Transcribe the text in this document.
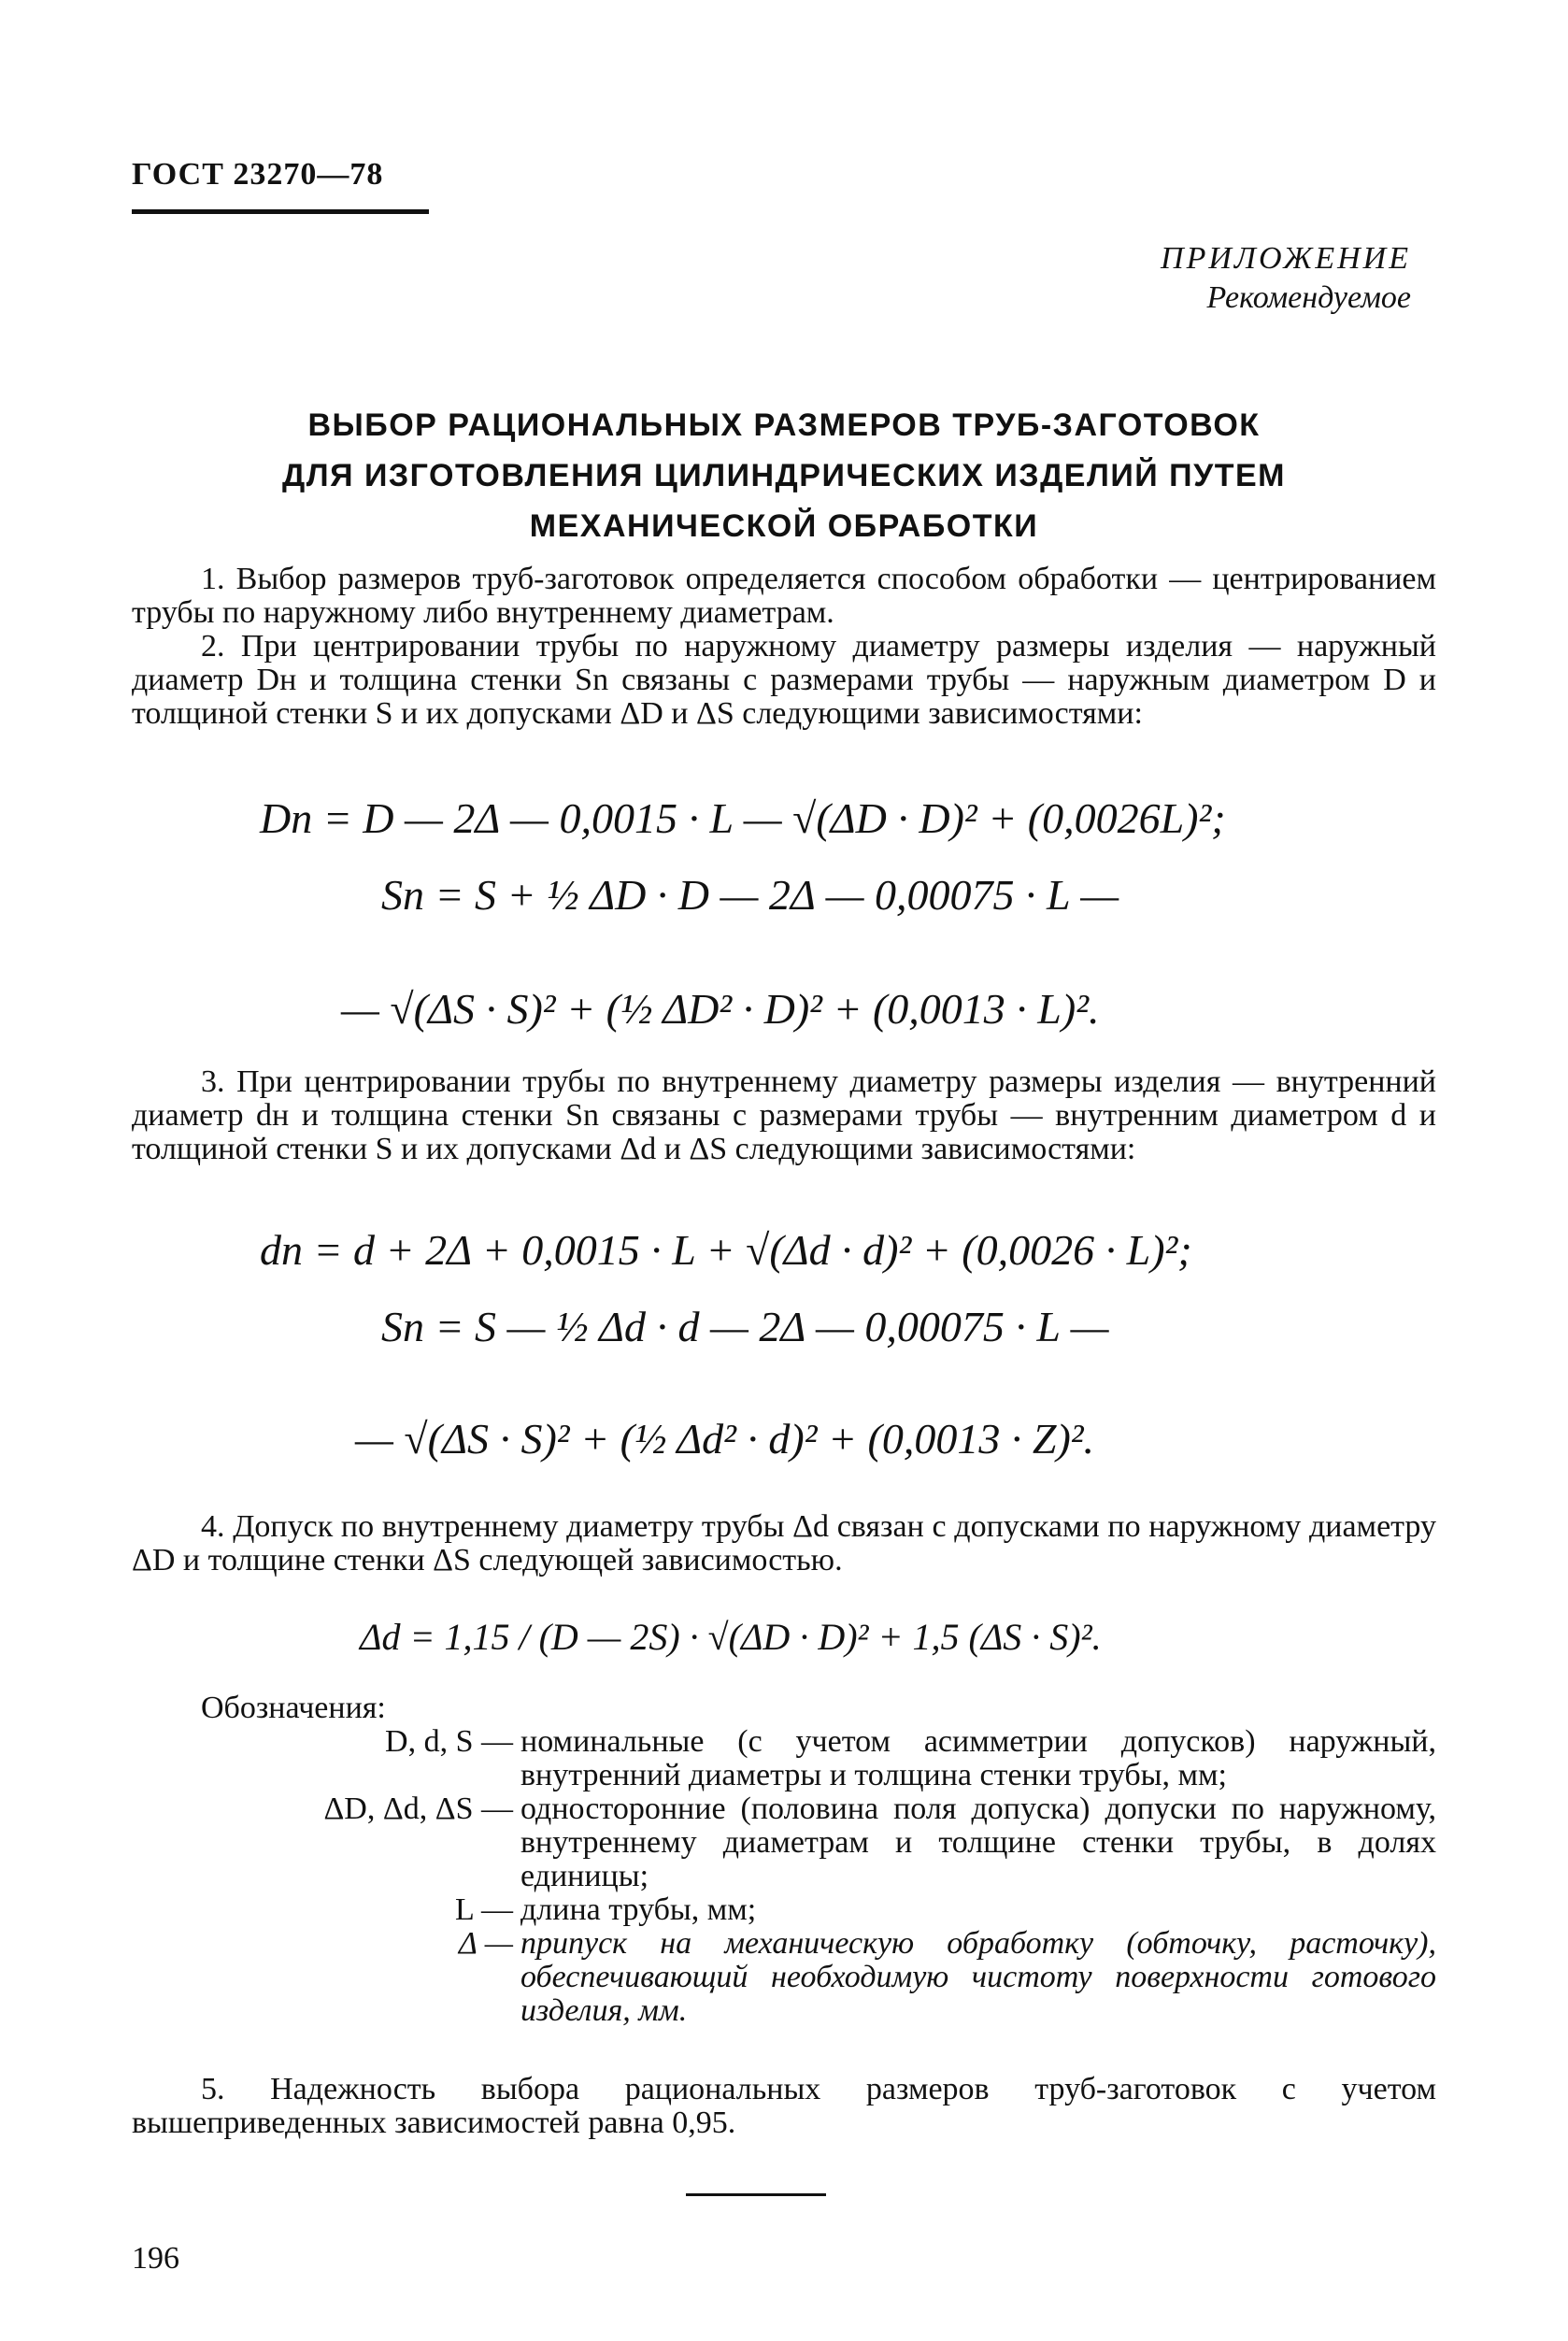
ГОСТ 23270—78
ПРИЛОЖЕНИЕ
Рекомендуемое
ВЫБОР РАЦИОНАЛЬНЫХ РАЗМЕРОВ ТРУБ-ЗАГОТОВОК
ДЛЯ ИЗГОТОВЛЕНИЯ ЦИЛИНДРИЧЕСКИХ ИЗДЕЛИЙ ПУТЕМ
МЕХАНИЧЕСКОЙ ОБРАБОТКИ

1. Выбор размеров труб-заготовок определяется способом обработки — центрированием трубы по наружному либо внутреннему диаметрам.

2. При центрировании трубы по наружному диаметру размеры изделия — наружный диаметр Dн и толщина стенки Sn связаны с размерами трубы — наружным диаметром D и толщиной стенки S и их допусками ΔD и ΔS следующими зависимостями:

Dn = D — 2Δ — 0,0015 · L — √(ΔD · D)² + (0,0026L)²;
Sn = S + ½ ΔD · D — 2Δ — 0,00075 · L —
— √(ΔS · S)² + (½ ΔD² · D)² + (0,0013 · L)².

3. При центрировании трубы по внутреннему диаметру размеры изделия — внутренний диаметр dн и толщина стенки Sn связаны с размерами трубы — внутренним диаметром d и толщиной стенки S и их допусками Δd и ΔS следующими зависимостями:

dn = d + 2Δ + 0,0015 · L + √(Δd · d)² + (0,0026 · L)²;
Sn = S — ½ Δd · d — 2Δ — 0,00075 · L —
— √(ΔS · S)² + (½ Δd² · d)² + (0,0013 · Z)².

4. Допуск по внутреннему диаметру трубы Δd связан с допусками по наружному диаметру ΔD и толщине стенки ΔS следующей зависимостью.

Δd = 1,15 / (D — 2S) · √(ΔD · D)² + 1,5 (ΔS · S)².
Обозначения:
D, d, S — номинальные (с учетом асимметрии допусков) наружный, внутренний диаметры и толщина стенки трубы, мм;
ΔD, Δd, ΔS — односторонние (половина поля допуска) допуски по наружному, внутреннему диаметрам и толщине стенки трубы, в долях единицы;
L — длина трубы, мм;
Δ — припуск на механическую обработку (обточку, расточку), обеспечивающий необходимую чистоту поверхности готового изделия, мм.

5. Надежность выбора рациональных размеров труб-заготовок с учетом вышеприведенных зависимостей равна 0,95.

196
